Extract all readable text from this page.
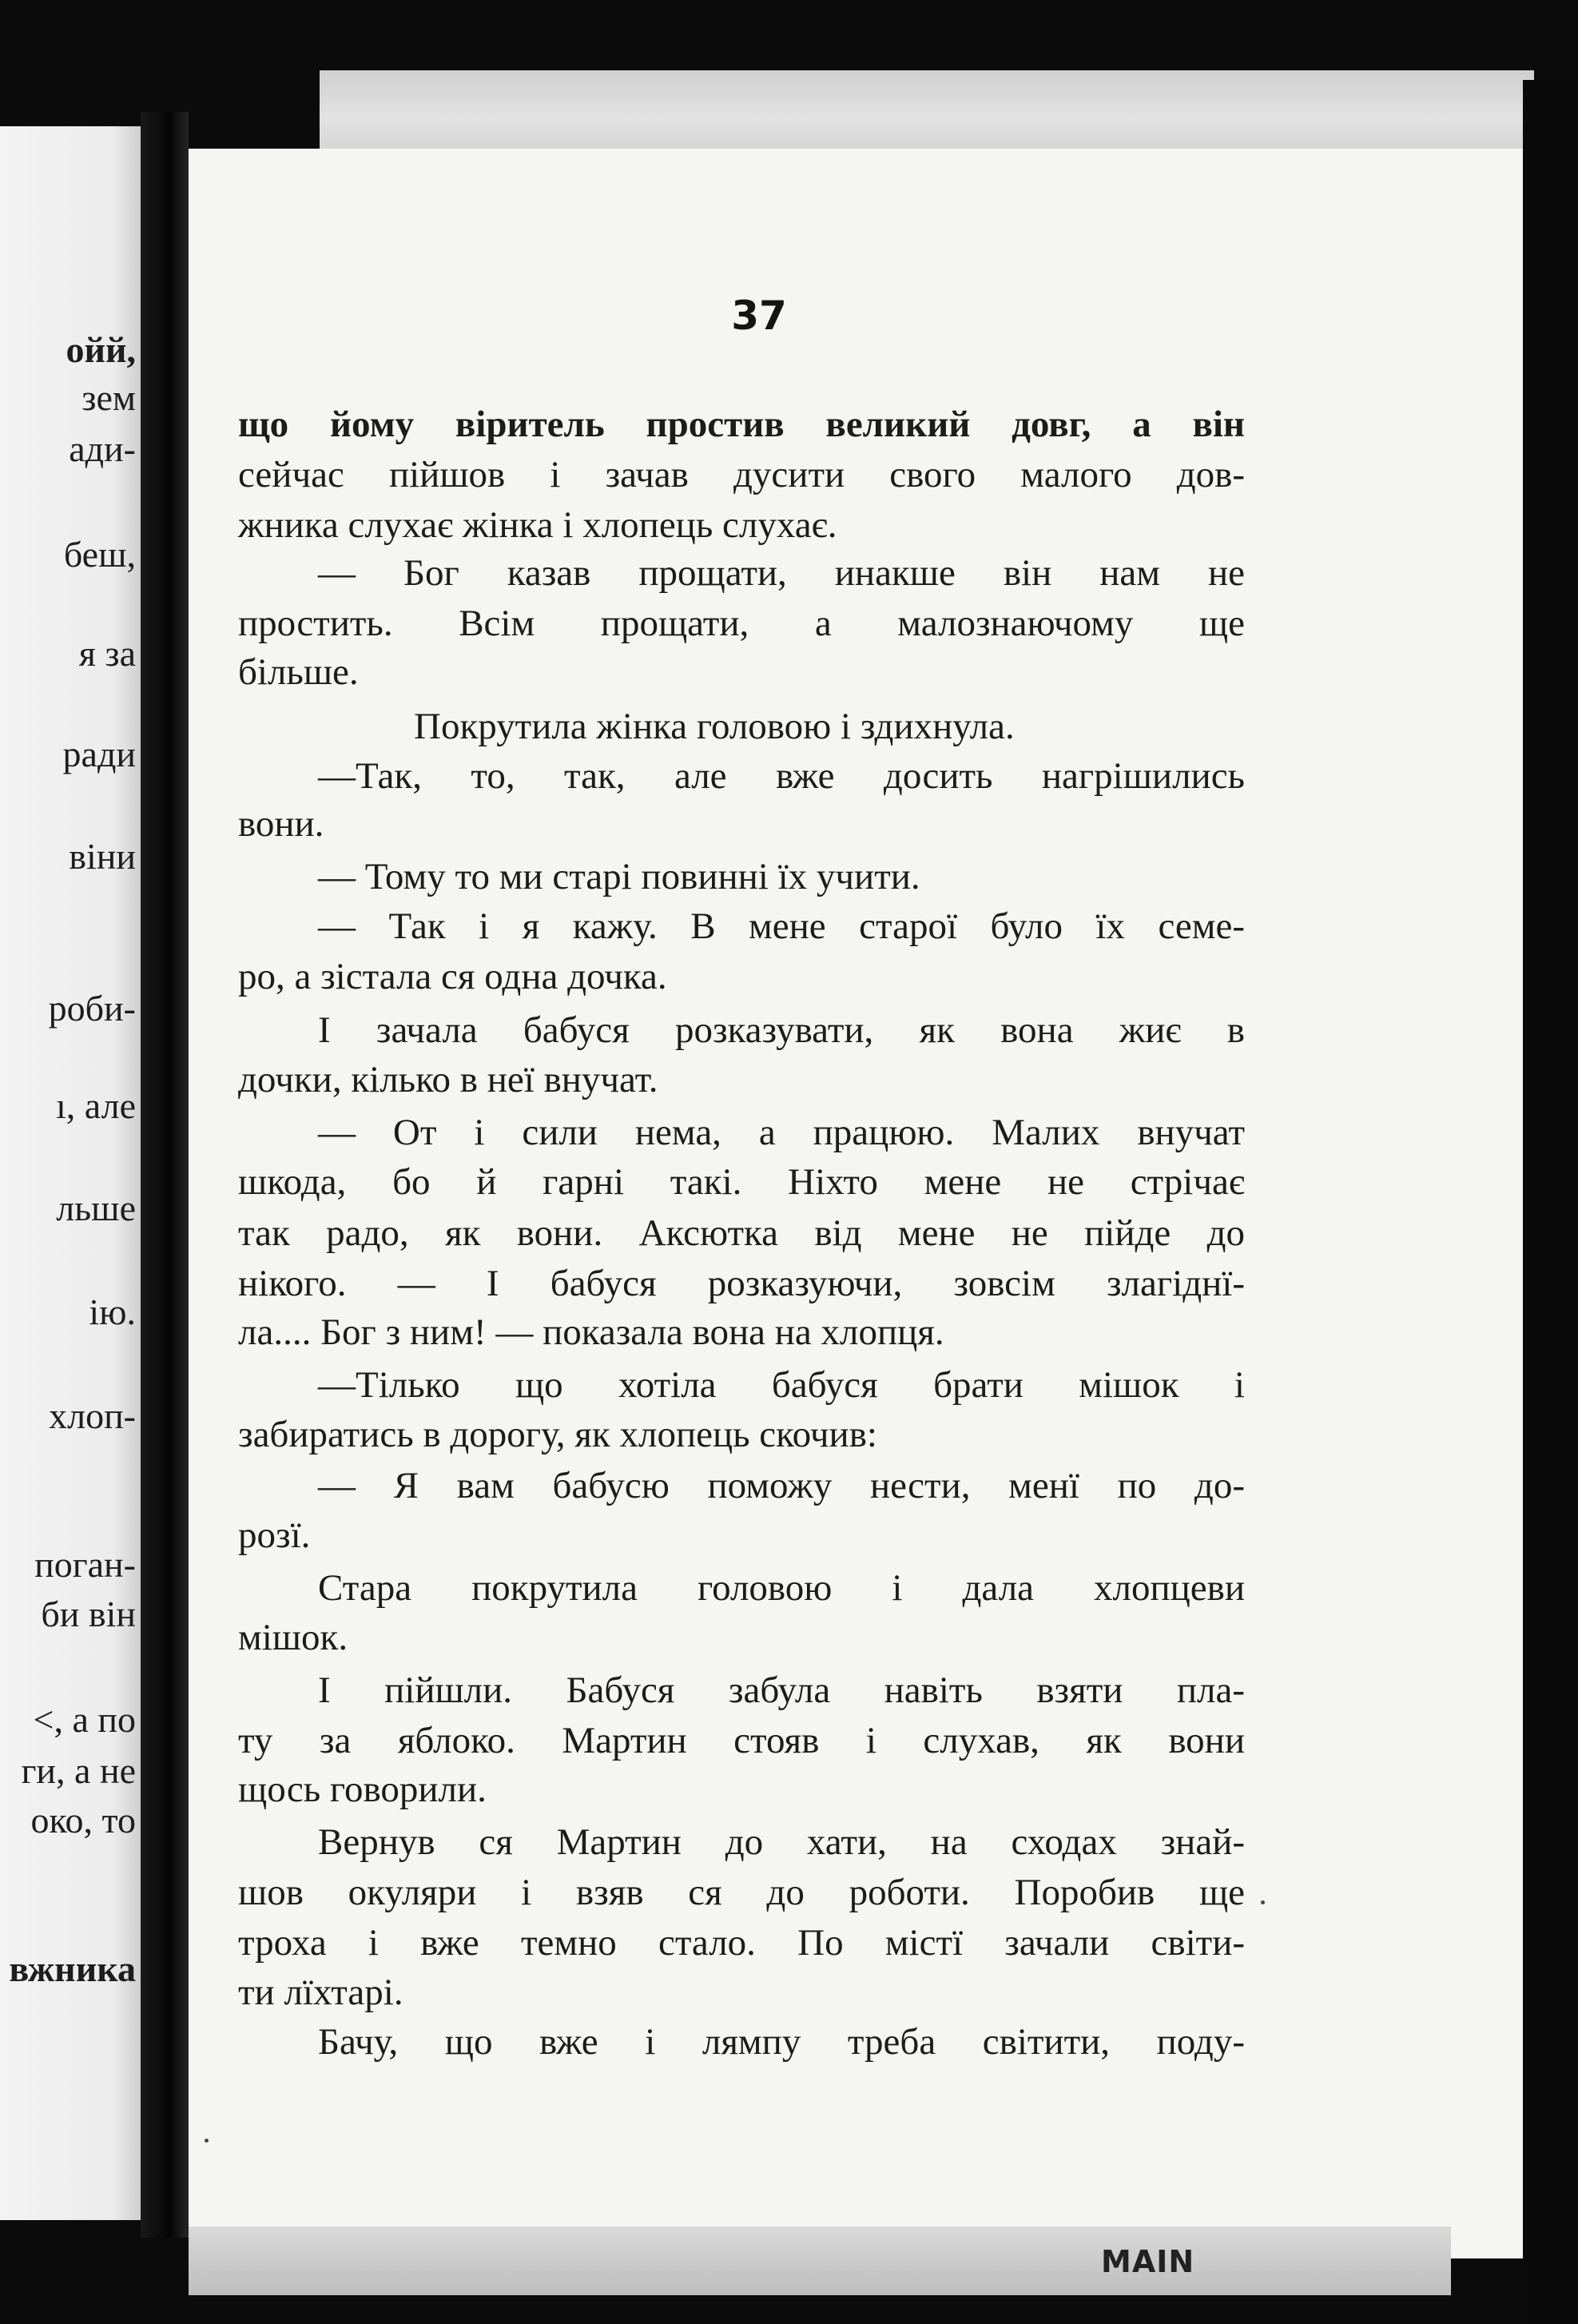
ойй,
зем
ади-
беш,
я за
ради
віни
роби-
ı, але
льше
ію.
хлоп-
поган-
би він
<, а по
ги, а не
око, то
вжника
37
що йому віритель простив великий довг, а він
сейчас пійшов і зачав дусити свого малого дов-
жника слухає жінка і хлопець слухає.
— Бог казав прощати, инакше він нам не
простить. Всім прощати, а малознаючому ще
більше.
Покрутила жінка головою і здихнула.
—Так, то, так, але вже досить нагрішились
вони.
— Тому то ми старі повинні їх учити.
— Так і я кажу. В мене старої було їх семе-
ро, а зістала ся одна дочка.
І зачала бабуся розказувати, як вона жиє в
дочки, кілько в неї внучат.
— От і сили нема, а працюю. Малих внучат
шкода, бо й гарні такі. Ніхто мене не стрічає
так радо, як вони. Аксютка від мене не пійде до
нікого. — І бабуся розказуючи, зовсім злагіднї-
ла.... Бог з ним! — показала вона на хлопця.
—Тілько що хотіла бабуся брати мішок і
забиратись в дорогу, як хлопець скочив:
— Я вам бабусю поможу нести, менї по до-
розї.
Стара покрутила головою і дала хлопцеви
мішок.
І пійшли. Бабуся забула навіть взяти пла-
ту за яблоко. Мартин стояв і слухав, як вони
щось говорили.
Вернув ся Мартин до хати, на сходах знай-
шов окуляри і взяв ся до роботи. Поробив ще
троха і вже темно стало. По містї зачали світи-
ти лїхтарі.
Бачу, що вже і лямпу треба світити, поду-
MAIN
